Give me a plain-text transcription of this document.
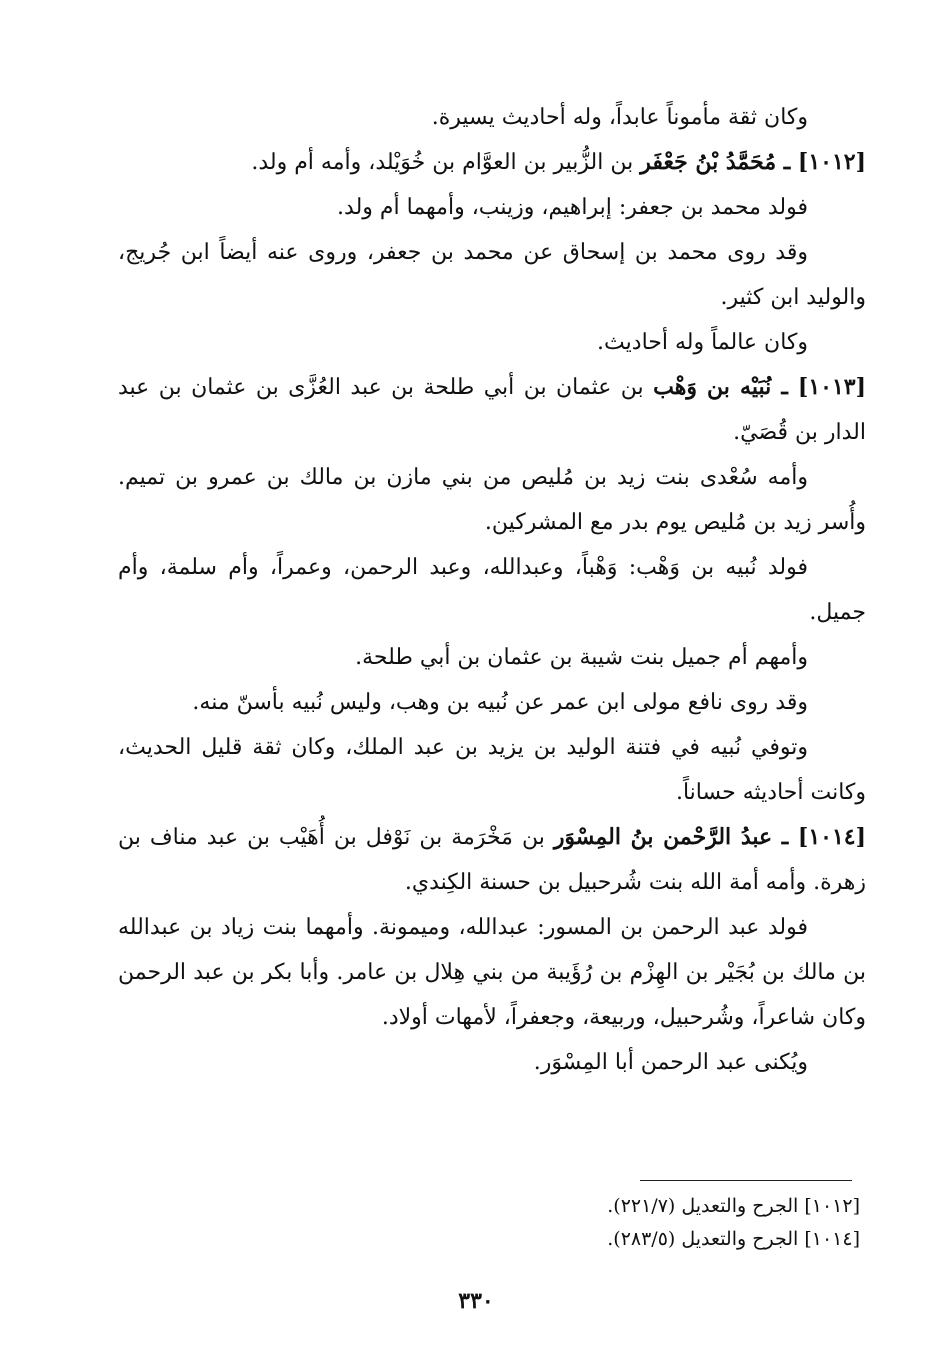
وكان ثقة مأموناً عابداً، وله أحاديث يسيرة.

[١٠١٢] ـ مُحَمَّدُ بْنُ جَعْفَر بن الزُّبير بن العوَّام بن خُوَيْلد، وأمه أم ولد.

فولد محمد بن جعفر: إبراهيم، وزينب، وأمهما أم ولد.

وقد روى محمد بن إسحاق عن محمد بن جعفر، وروى عنه أيضاً ابن جُريج، والوليد ابن كثير.

وكان عالماً وله أحاديث.

[١٠١٣] ـ نُبَيْه بن وَهْب بن عثمان بن أبي طلحة بن عبد العُزَّى بن عثمان بن عبد الدار بن قُصَيّ.

وأمه سُعْدى بنت زيد بن مُليص من بني مازن بن مالك بن عمرو بن تميم. وأُسر زيد بن مُليص يوم بدر مع المشركين.

فولد نُبيه بن وَهْب: وَهْباً، وعبدالله، وعبد الرحمن، وعمراً، وأم سلمة، وأم جميل.

وأمهم أم جميل بنت شيبة بن عثمان بن أبي طلحة.

وقد روى نافع مولى ابن عمر عن نُبيه بن وهب، وليس نُبيه بأسنّ منه.

وتوفي نُبيه في فتنة الوليد بن يزيد بن عبد الملك، وكان ثقة قليل الحديث، وكانت أحاديثه حساناً.

[١٠١٤] ـ عبدُ الرَّحْمن بنُ المِسْوَر بن مَخْرَمة بن نَوْفل بن أُهَيْب بن عبد مناف بن زهرة. وأمه أمة الله بنت شُرحبيل بن حسنة الكِندي.

فولد عبد الرحمن بن المسور: عبدالله، وميمونة. وأمهما بنت زياد بن عبدالله بن مالك بن بُجَيْر بن الهِزْم بن رُؤَيبة من بني هِلال بن عامر. وأبا بكر بن عبد الرحمن وكان شاعراً، وشُرحبيل، وربيعة، وجعفراً، لأمهات أولاد.

ويُكنى عبد الرحمن أبا المِسْوَر.

[١٠١٢] الجرح والتعديل (٢٢١/٧).

[١٠١٤] الجرح والتعديل (٢٨٣/٥).

٣٣٠
